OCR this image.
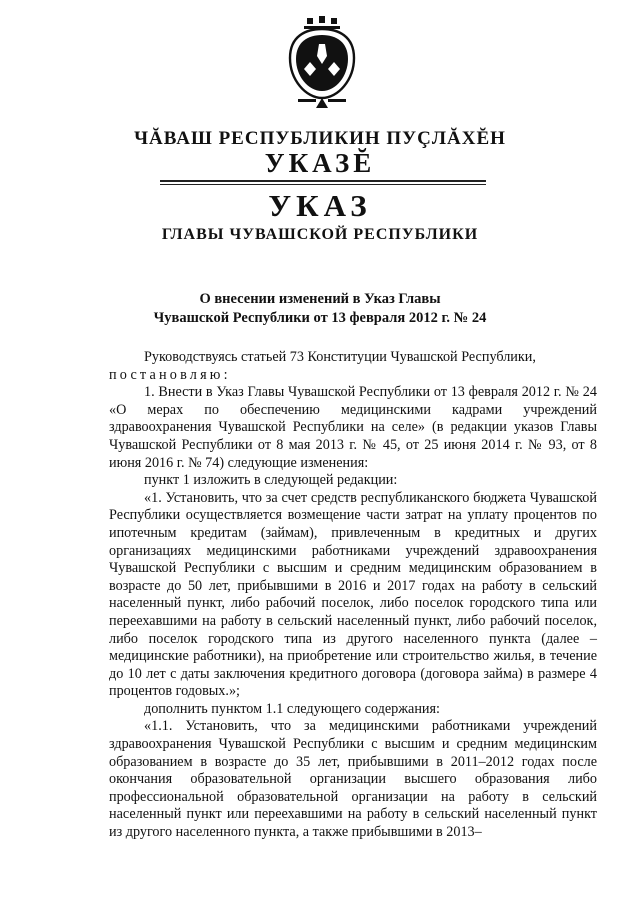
ЧĂВАШ РЕСПУБЛИКИН ПУÇЛĂХĔН
УКАЗĔ
УКАЗ
ГЛАВЫ ЧУВАШСКОЙ РЕСПУБЛИКИ
О внесении изменений в Указ Главы
Чувашской Республики от 13 февраля 2012 г. № 24

Руководствуясь статьей 73 Конституции Чувашской Республики,

постановляю:

1. Внести в Указ Главы Чувашской Республики от 13 февраля 2012 г. № 24 «О мерах по обеспечению медицинскими кадрами учреждений здравоохранения Чувашской Республики на селе» (в редакции указов Главы Чувашской Республики от 8 мая 2013 г. № 45, от 25 июня 2014 г. № 93, от 8 июня 2016 г. № 74) следующие изменения:

пункт 1 изложить в следующей редакции:

«1. Установить, что за счет средств республиканского бюджета Чувашской Республики осуществляется возмещение части затрат на уплату процентов по ипотечным кредитам (займам), привлеченным в кредитных и других организациях медицинскими работниками учреждений здравоохранения Чувашской Республики с высшим и средним медицинским образованием в возрасте до 50 лет, прибывшими в 2016 и 2017 годах на работу в сельский населенный пункт, либо рабочий поселок, либо поселок городского типа или переехавшими на работу в сельский населенный пункт, либо рабочий поселок, либо поселок городского типа из другого населенного пункта (далее – медицинские работники), на приобретение или строительство жилья, в течение до 10 лет с даты заключения кредитного договора (договора займа) в размере 4 процентов годовых.»;

дополнить пунктом 1.1 следующего содержания:

«1.1. Установить, что за медицинскими работниками учреждений здравоохранения Чувашской Республики с высшим и средним медицинским образованием в возрасте до 35 лет, прибывшими в 2011–2012 годах после окончания образовательной организации высшего образования либо профессиональной образовательной организации на работу в сельский населенный пункт или переехавшими на работу в сельский населенный пункт из другого населенного пункта, а также прибывшими в 2013–
